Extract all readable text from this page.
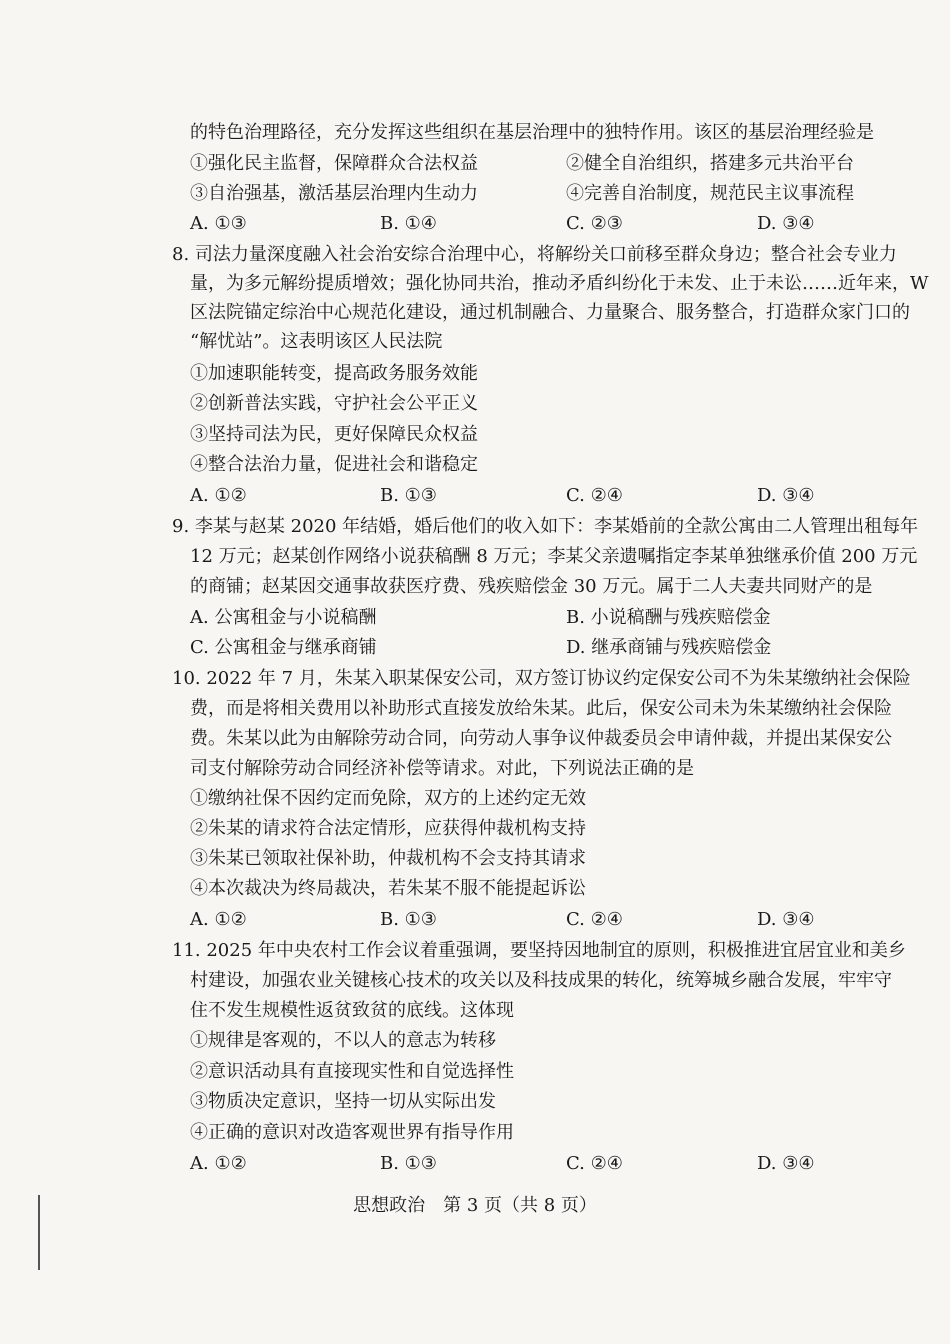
的特色治理路径，充分发挥这些组织在基层治理中的独特作用。该区的基层治理经验是
①强化民主监督，保障群众合法权益	②健全自治组织，搭建多元共治平台
③自治强基，激活基层治理内生动力	④完善自治制度，规范民主议事流程
A. ①③	B. ①④	C. ②③	D. ③④
8. 司法力量深度融入社会治安综合治理中心，将解纷关口前移至群众身边；整合社会专业力
量，为多元解纷提质增效；强化协同共治，推动矛盾纠纷化于未发、止于未讼……近年来，W
区法院锚定综治中心规范化建设，通过机制融合、力量聚合、服务整合，打造群众家门口的
“解忧站”。这表明该区人民法院
①加速职能转变，提高政务服务效能
②创新普法实践，守护社会公平正义
③坚持司法为民，更好保障民众权益
④整合法治力量，促进社会和谐稳定
A. ①②	B. ①③	C. ②④	D. ③④
9. 李某与赵某 2020 年结婚，婚后他们的收入如下：李某婚前的全款公寓由二人管理出租每年
12 万元；赵某创作网络小说获稿酬 8 万元；李某父亲遗嘱指定李某单独继承价值 200 万元
的商铺；赵某因交通事故获医疗费、残疾赔偿金 30 万元。属于二人夫妻共同财产的是
A. 公寓租金与小说稿酬	B. 小说稿酬与残疾赔偿金
C. 公寓租金与继承商铺	D. 继承商铺与残疾赔偿金
10. 2022 年 7 月，朱某入职某保安公司，双方签订协议约定保安公司不为朱某缴纳社会保险
费，而是将相关费用以补助形式直接发放给朱某。此后，保安公司未为朱某缴纳社会保险
费。朱某以此为由解除劳动合同，向劳动人事争议仲裁委员会申请仲裁，并提出某保安公
司支付解除劳动合同经济补偿等请求。对此，下列说法正确的是
①缴纳社保不因约定而免除，双方的上述约定无效
②朱某的请求符合法定情形，应获得仲裁机构支持
③朱某已领取社保补助，仲裁机构不会支持其请求
④本次裁决为终局裁决，若朱某不服不能提起诉讼
A. ①②	B. ①③	C. ②④	D. ③④
11. 2025 年中央农村工作会议着重强调，要坚持因地制宜的原则，积极推进宜居宜业和美乡
村建设，加强农业关键核心技术的攻关以及科技成果的转化，统筹城乡融合发展，牢牢守
住不发生规模性返贫致贫的底线。这体现
①规律是客观的，不以人的意志为转移
②意识活动具有直接现实性和自觉选择性
③物质决定意识，坚持一切从实际出发
④正确的意识对改造客观世界有指导作用
A. ①②	B. ①③	C. ②④	D. ③④
思想政治　第 3 页（共 8 页）
